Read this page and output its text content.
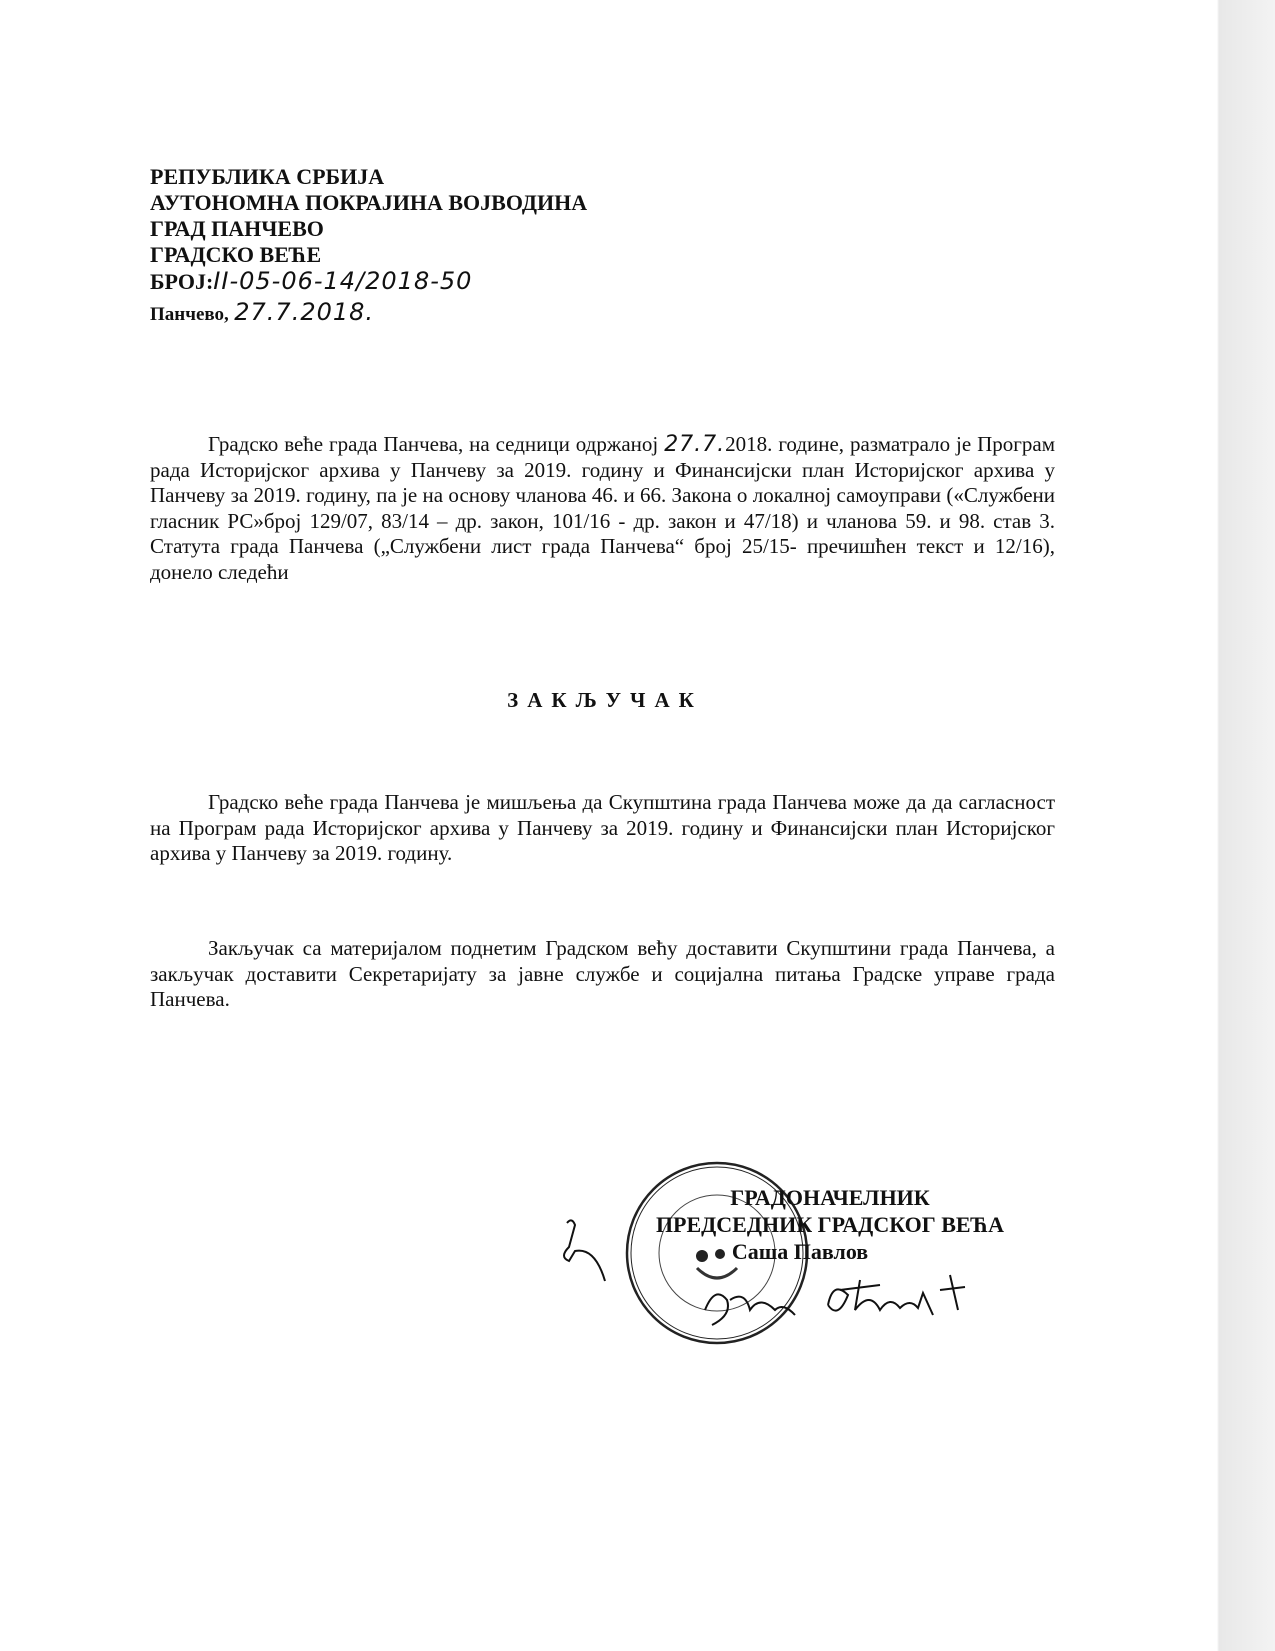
РЕПУБЛИКА СРБИЈА
АУТОНОМНА ПОКРАЈИНА ВОЈВОДИНА
ГРАД ПАНЧЕВО
ГРАДСКО ВЕЋЕ
БРОЈ:II-05-06-14/2018-50
Панчево, 27.7.2018.
Градско веће града Панчева, на седници одржаној 27.7.2018. године, разматрало је Програм рада Историјског архива у Панчеву за 2019. годину и Финансијски план Историјског архива у Панчеву за 2019. годину, па је на основу чланова 46. и 66. Закона о локалној самоуправи («Службени гласник РС»број 129/07, 83/14 – др. закон, 101/16 - др. закон и 47/18) и чланова 59. и 98. став 3. Статута града Панчева („Службени лист града Панчева“ број 25/15- пречишћен текст и 12/16), донело следећи
ЗАКЉУЧАК
Градско веће града Панчева је мишљења да Скупштина града Панчева може да да сагласност на Програм рада Историјског архива у Панчеву за 2019. годину и Финансијски план Историјског архива у Панчеву за 2019. годину.
Закључак са материјалом поднетим Градском већу доставити Скупштини града Панчева, а закључак доставити Секретаријату за јавне службе и социјална питања Градске управе града Панчева.
ГРАДОНАЧЕЛНИК
ПРЕДСЕДНИК ГРАДСКОГ ВЕЋА
Саша Павлов
